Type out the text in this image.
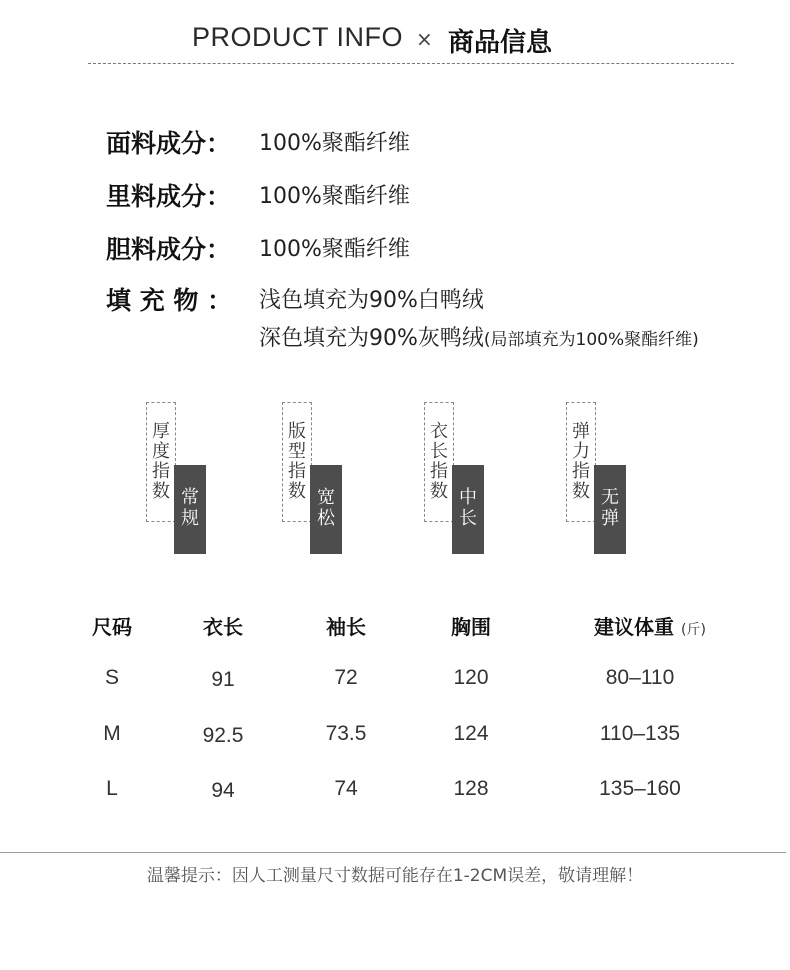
PRODUCT INFO × 商品信息
面料成分：	100%聚酯纤维
里料成分：	100%聚酯纤维
胆料成分：	100%聚酯纤维
填 充 物 ：	浅色填充为90%白鸭绒
深色填充为90%灰鸭绒(局部填充为100%聚酯纤维)
厚度指数 常规
版型指数 宽松
衣长指数 中长
弹力指数 无弹
尺码	衣长	袖长	胸围	建议体重 (斤)
S	91	72	120	80–110
M	92.5	73.5	124	110–135
L	94	74	128	135–160
温馨提示：因人工测量尺寸数据可能存在1-2CM误差，敬请理解！
